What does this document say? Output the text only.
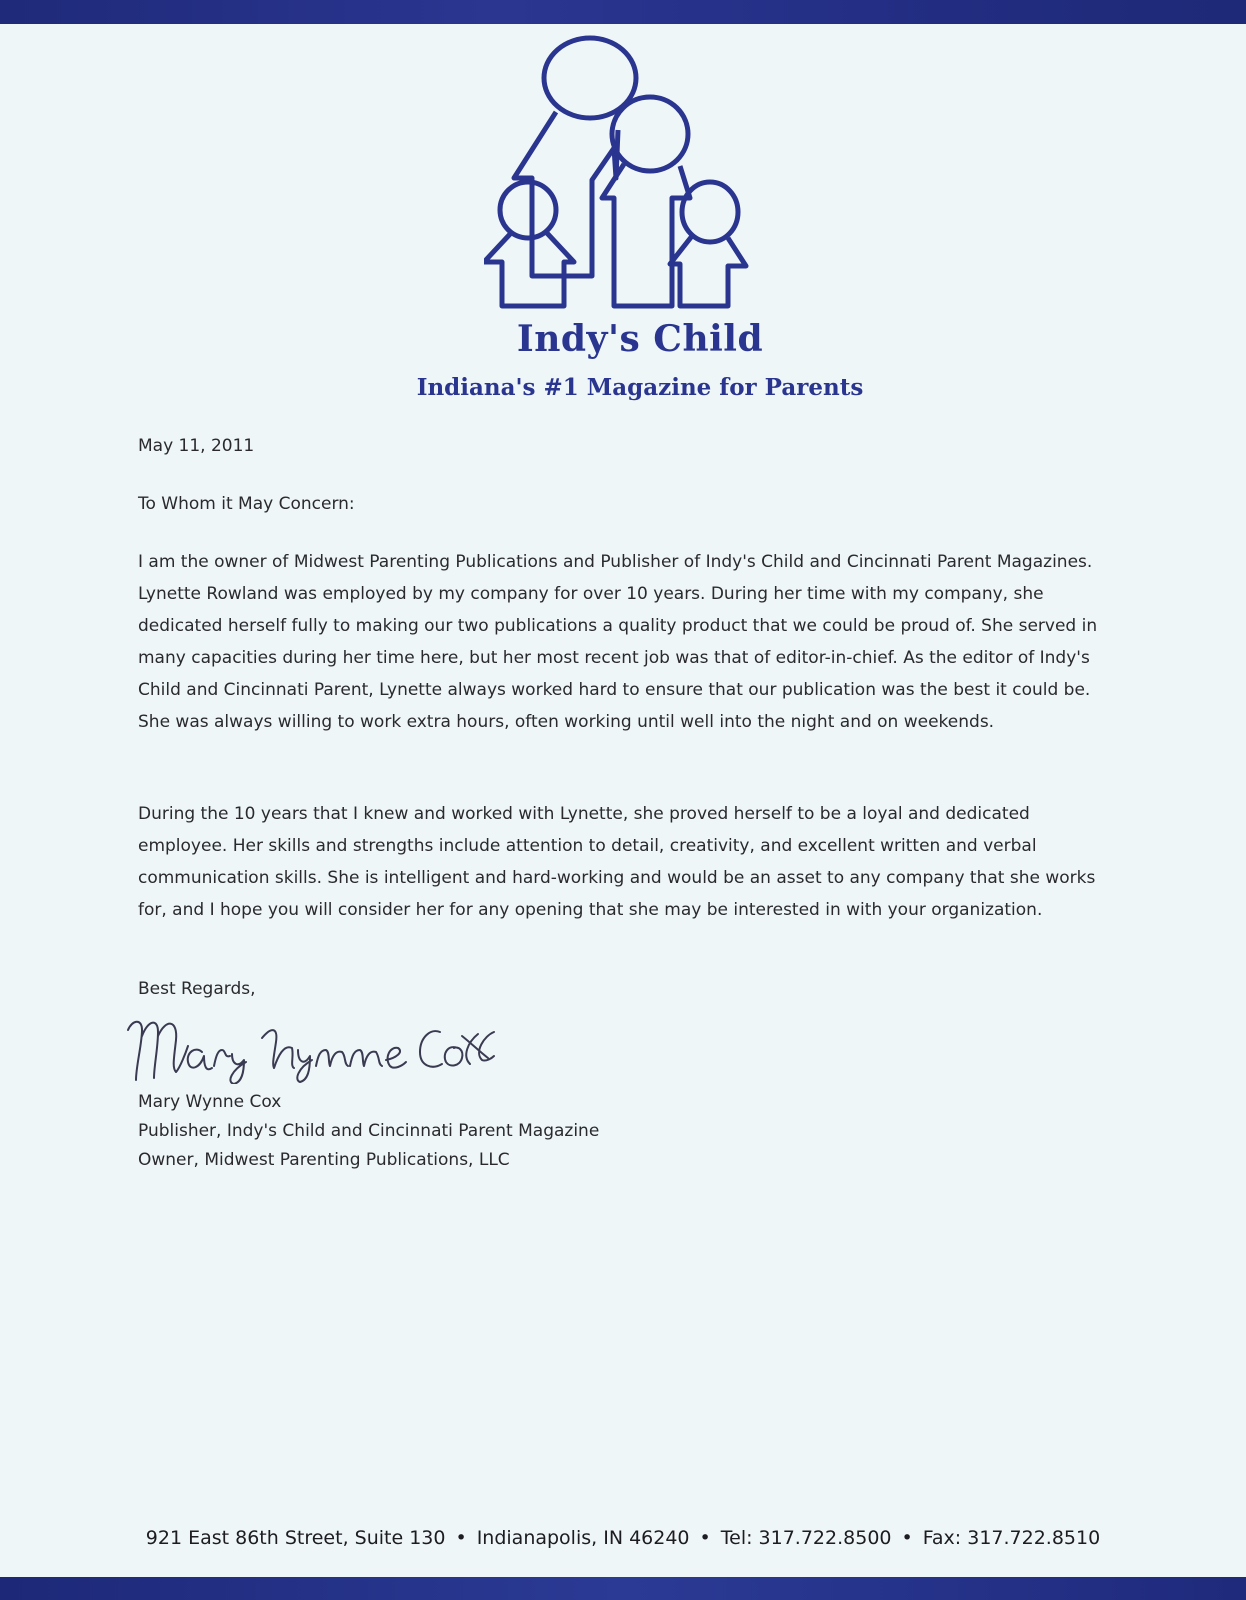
Indy's Child
Indiana's #1 Magazine for Parents
May 11, 2011
To Whom it May Concern:
I am the owner of Midwest Parenting Publications and Publisher of Indy's Child and Cincinnati Parent Magazines. Lynette Rowland was employed by my company for over 10 years. During her time with my company, she dedicated herself fully to making our two publications a quality product that we could be proud of. She served in many capacities during her time here, but her most recent job was that of editor-in-chief. As the editor of Indy's Child and Cincinnati Parent, Lynette always worked hard to ensure that our publication was the best it could be. She was always willing to work extra hours, often working until well into the night and on weekends.
During the 10 years that I knew and worked with Lynette, she proved herself to be a loyal and dedicated employee. Her skills and strengths include attention to detail, creativity, and excellent written and verbal communication skills. She is intelligent and hard-working and would be an asset to any company that she works for, and I hope you will consider her for any opening that she may be interested in with your organization.
Best Regards,
Mary Wynne Cox
Publisher, Indy's Child and Cincinnati Parent Magazine
Owner, Midwest Parenting Publications, LLC
921 East 86th Street, Suite 130 • Indianapolis, IN 46240 • Tel: 317.722.8500 • Fax: 317.722.8510
